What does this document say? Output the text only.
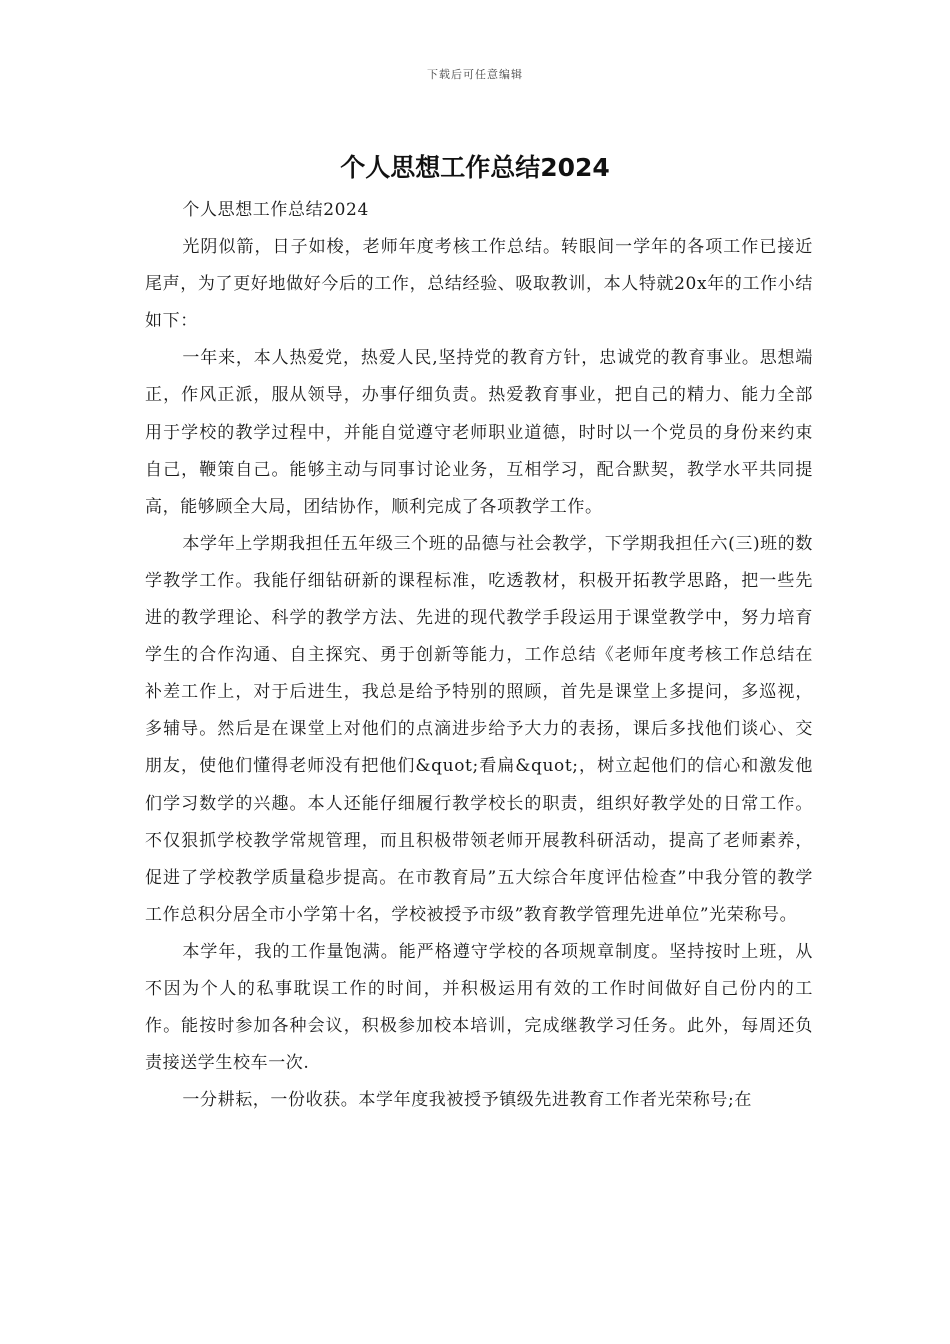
下载后可任意编辑
个人思想工作总结2024

个人思想工作总结2024

光阴似箭，日子如梭，老师年度考核工作总结。转眼间一学年的各项工作已接近尾声，为了更好地做好今后的工作，总结经验、吸取教训，本人特就20x年的工作小结如下：

一年来，本人热爱党，热爱人民,坚持党的教育方针，忠诚党的教育事业。思想端正，作风正派，服从领导，办事仔细负责。热爱教育事业，把自己的精力、能力全部用于学校的教学过程中，并能自觉遵守老师职业道德，时时以一个党员的身份来约束自己，鞭策自己。能够主动与同事讨论业务，互相学习，配合默契，教学水平共同提高，能够顾全大局，团结协作，顺利完成了各项教学工作。

本学年上学期我担任五年级三个班的品德与社会教学，下学期我担任六(三)班的数学教学工作。我能仔细钻研新的课程标准，吃透教材，积极开拓教学思路，把一些先进的教学理论、科学的教学方法、先进的现代教学手段运用于课堂教学中，努力培育学生的合作沟通、自主探究、勇于创新等能力，工作总结《老师年度考核工作总结在补差工作上，对于后进生，我总是给予特别的照顾，首先是课堂上多提问，多巡视，多辅导。然后是在课堂上对他们的点滴进步给予大力的表扬，课后多找他们谈心、交朋友，使他们懂得老师没有把他们&quot;看扁&quot;，树立起他们的信心和激发他们学习数学的兴趣。本人还能仔细履行教学校长的职责，组织好教学处的日常工作。不仅狠抓学校教学常规管理，而且积极带领老师开展教科研活动，提高了老师素养，促进了学校教学质量稳步提高。在市教育局”五大综合年度评估检查”中我分管的教学工作总积分居全市小学第十名，学校被授予市级”教育教学管理先进单位”光荣称号。

本学年，我的工作量饱满。能严格遵守学校的各项规章制度。坚持按时上班，从不因为个人的私事耽误工作的时间，并积极运用有效的工作时间做好自己份内的工作。能按时参加各种会议，积极参加校本培训，完成继教学习任务。此外，每周还负责接送学生校车一次.

一分耕耘，一份收获。本学年度我被授予镇级先进教育工作者光荣称号;在
